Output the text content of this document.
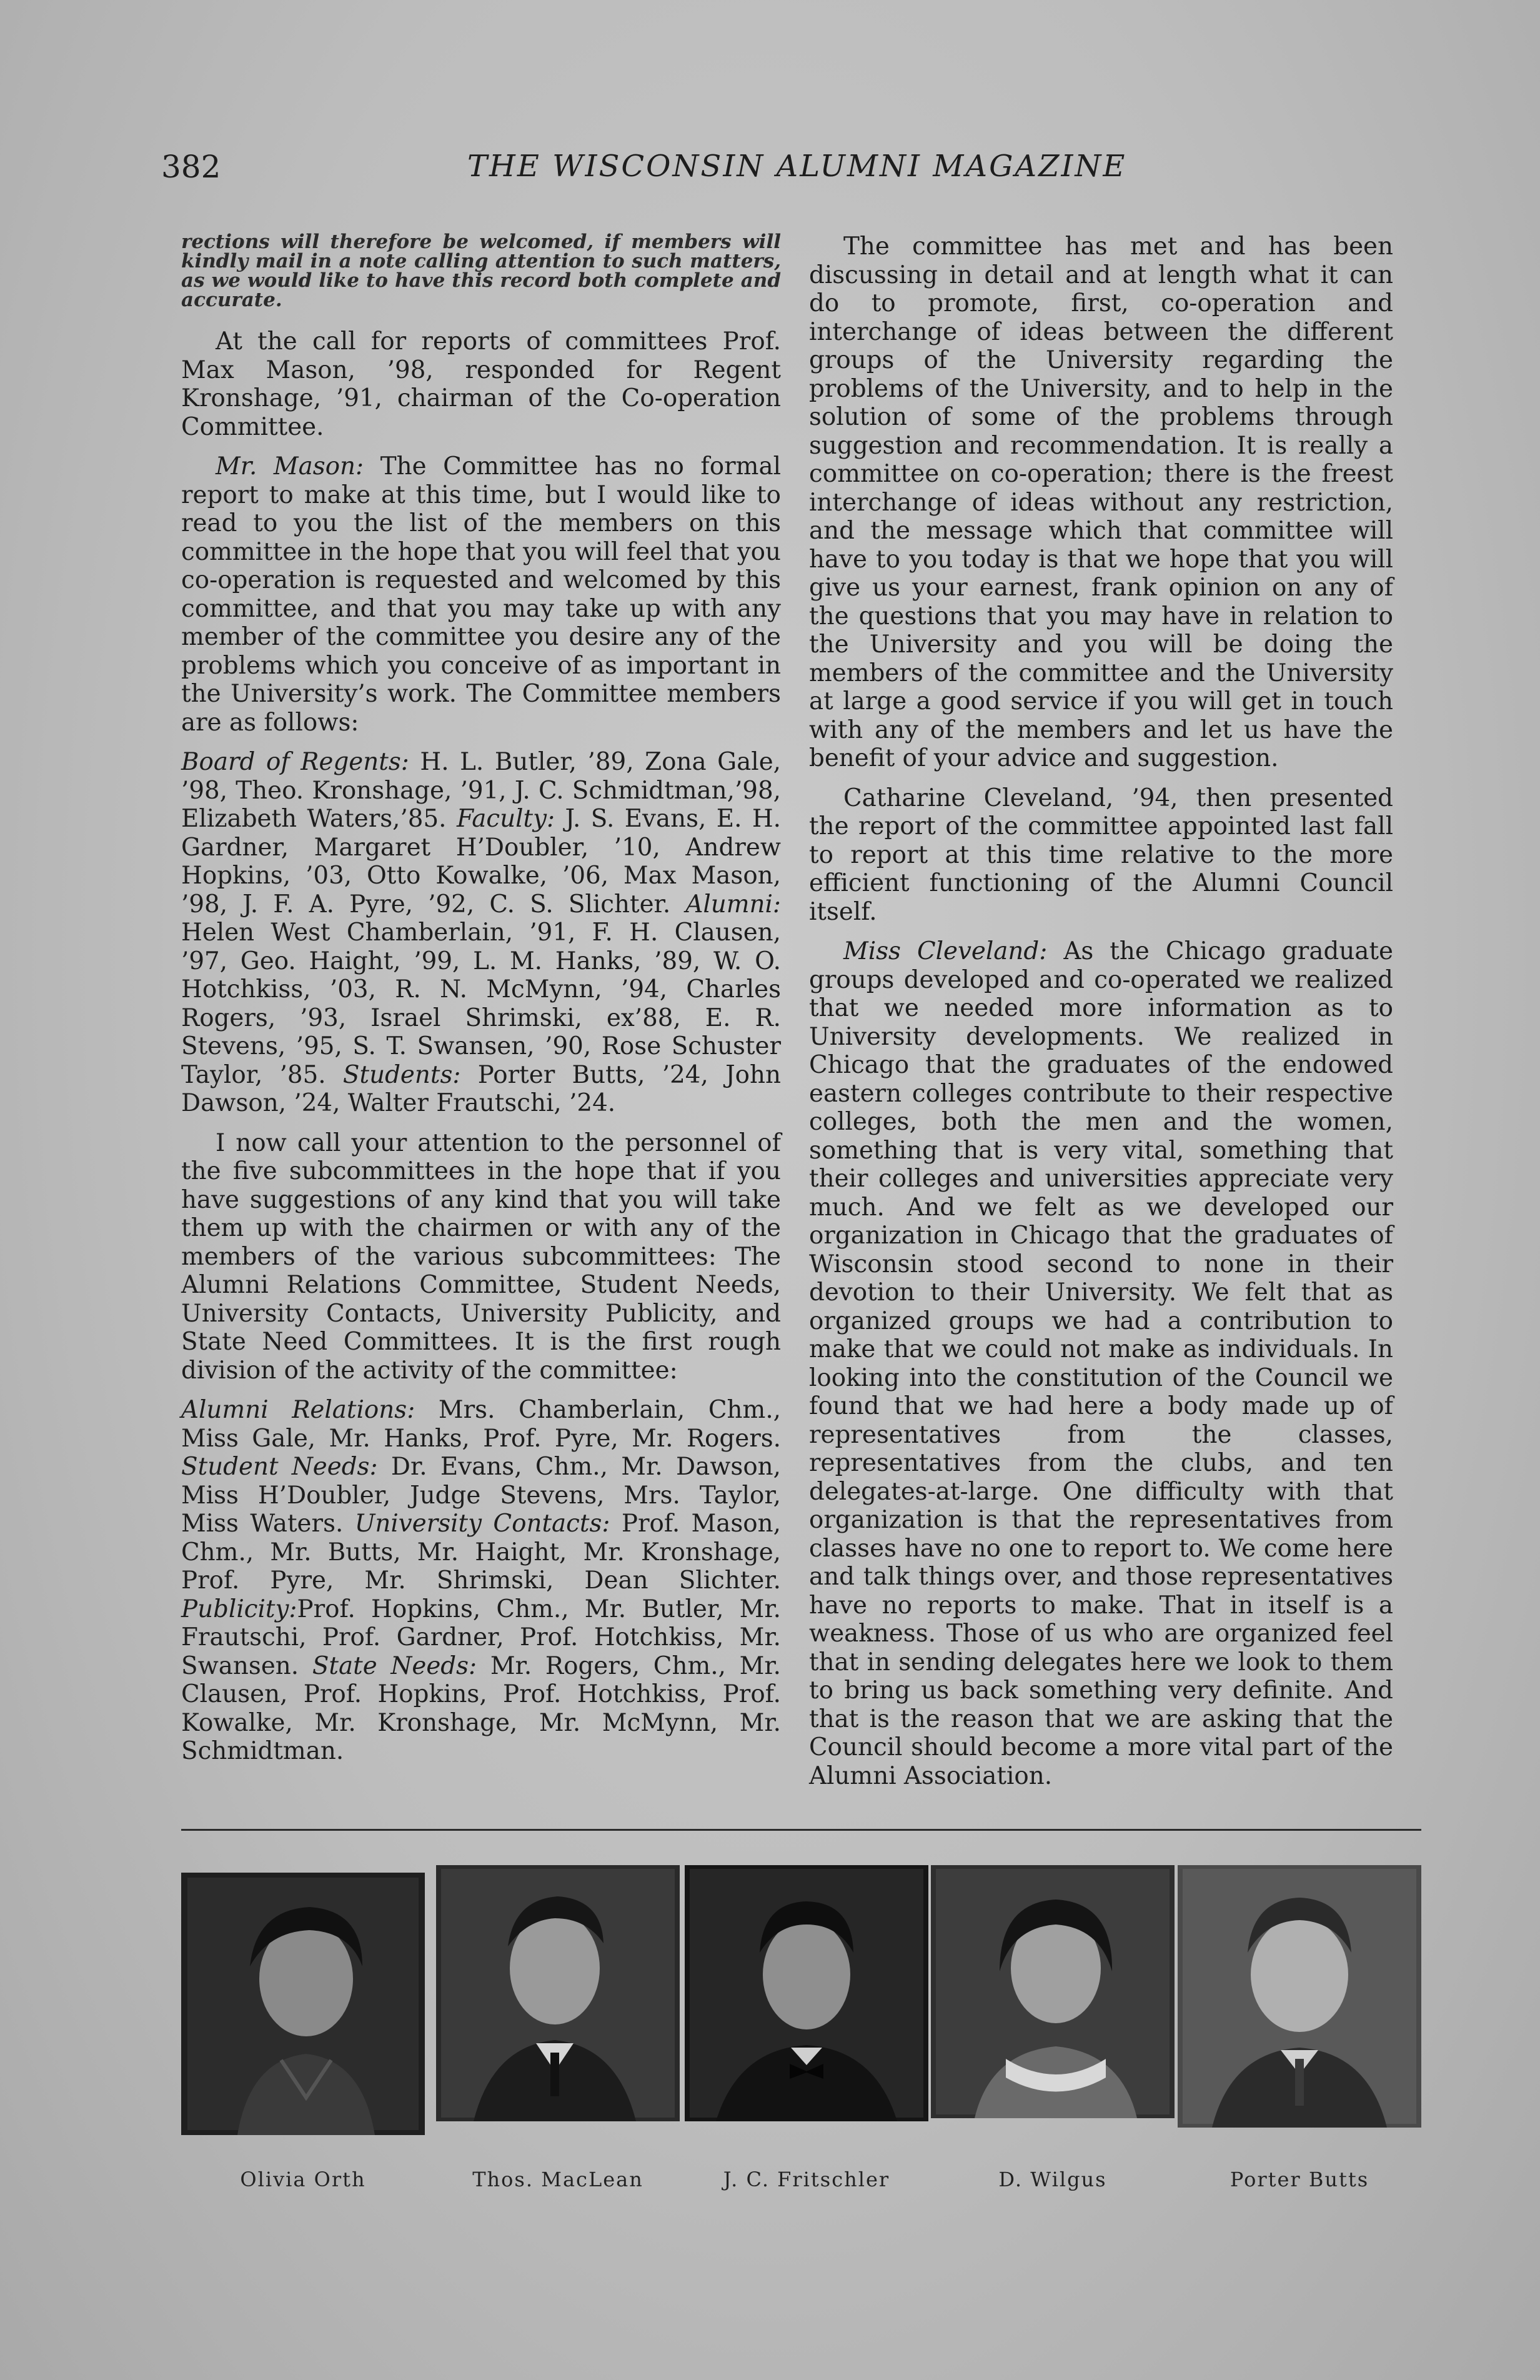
382	THE WISCONSIN ALUMNI MAGAZINE

rections will therefore be welcomed, if members will kindly mail in a note calling attention to such matters, as we would like to have this record both complete and accurate.

At the call for reports of committees Prof. Max Mason, ’98, responded for Regent Kronshage, ’91, chairman of the Co-operation Committee.

Mr. Mason: The Committee has no formal report to make at this time, but I would like to read to you the list of the members on this committee in the hope that you will feel that you co-operation is requested and welcomed by this committee, and that you may take up with any member of the committee you desire any of the problems which you conceive of as important in the University’s work. The Committee members are as follows:

Board of Regents: H. L. Butler, ’89, Zona Gale, ’98, Theo. Kronshage, ’91, J. C. Schmidtman,’98, Elizabeth Waters,’85. Faculty: J. S. Evans, E. H. Gardner, Margaret H’Doubler, ’10, Andrew Hopkins, ’03, Otto Kowalke, ’06, Max Mason, ’98, J. F. A. Pyre, ’92, C. S. Slichter. Alumni: Helen West Chamberlain, ’91, F. H. Clausen, ’97, Geo. Haight, ’99, L. M. Hanks, ’89, W. O. Hotchkiss, ’03, R. N. McMynn, ’94, Charles Rogers, ’93, Israel Shrimski, ex’88, E. R. Stevens, ’95, S. T. Swansen, ’90, Rose Schuster Taylor, ’85. Students: Porter Butts, ’24, John Dawson, ’24, Walter Frautschi, ’24.

I now call your attention to the personnel of the five subcommittees in the hope that if you have suggestions of any kind that you will take them up with the chairmen or with any of the members of the various subcommittees: The Alumni Relations Committee, Student Needs, University Contacts, University Publicity, and State Need Committees. It is the first rough division of the activity of the committee:

Alumni Relations: Mrs. Chamberlain, Chm., Miss Gale, Mr. Hanks, Prof. Pyre, Mr. Rogers. Student Needs: Dr. Evans, Chm., Mr. Dawson, Miss H’Doubler, Judge Stevens, Mrs. Taylor, Miss Waters. University Contacts: Prof. Mason, Chm., Mr. Butts, Mr. Haight, Mr. Kronshage, Prof. Pyre, Mr. Shrimski, Dean Slichter. Publicity:Prof. Hopkins, Chm., Mr. Butler, Mr. Frautschi, Prof. Gardner, Prof. Hotchkiss, Mr. Swansen. State Needs: Mr. Rogers, Chm., Mr. Clausen, Prof. Hopkins, Prof. Hotchkiss, Prof. Kowalke, Mr. Kronshage, Mr. McMynn, Mr. Schmidtman.

The committee has met and has been discussing in detail and at length what it can do to promote, first, co-operation and interchange of ideas between the different groups of the University regarding the problems of the University, and to help in the solution of some of the problems through suggestion and recommendation. It is really a committee on co-operation; there is the freest interchange of ideas without any restriction, and the message which that committee will have to you today is that we hope that you will give us your earnest, frank opinion on any of the questions that you may have in relation to the University and you will be doing the members of the committee and the University at large a good service if you will get in touch with any of the members and let us have the benefit of your advice and suggestion.

Catharine Cleveland, ’94, then presented the report of the committee appointed last fall to report at this time relative to the more efficient functioning of the Alumni Council itself.

Miss Cleveland: As the Chicago graduate groups developed and co-operated we realized that we needed more information as to University developments. We realized in Chicago that the graduates of the endowed eastern colleges contribute to their respective colleges, both the men and the women, something that is very vital, something that their colleges and universities appreciate very much. And we felt as we developed our organization in Chicago that the graduates of Wisconsin stood second to none in their devotion to their University. We felt that as organized groups we had a contribution to make that we could not make as individuals. In looking into the constitution of the Council we found that we had here a body made up of representatives from the classes, representatives from the clubs, and ten delegates-at-large. One difficulty with that organization is that the representatives from classes have no one to report to. We come here and talk things over, and those representatives have no reports to make. That in itself is a weakness. Those of us who are organized feel that in sending delegates here we look to them to bring us back something very definite. And that is the reason that we are asking that the Council should become a more vital part of the Alumni Association.

Olivia Orth	Thos. MacLean	J. C. Fritschler	D. Wilgus	Porter Butts
